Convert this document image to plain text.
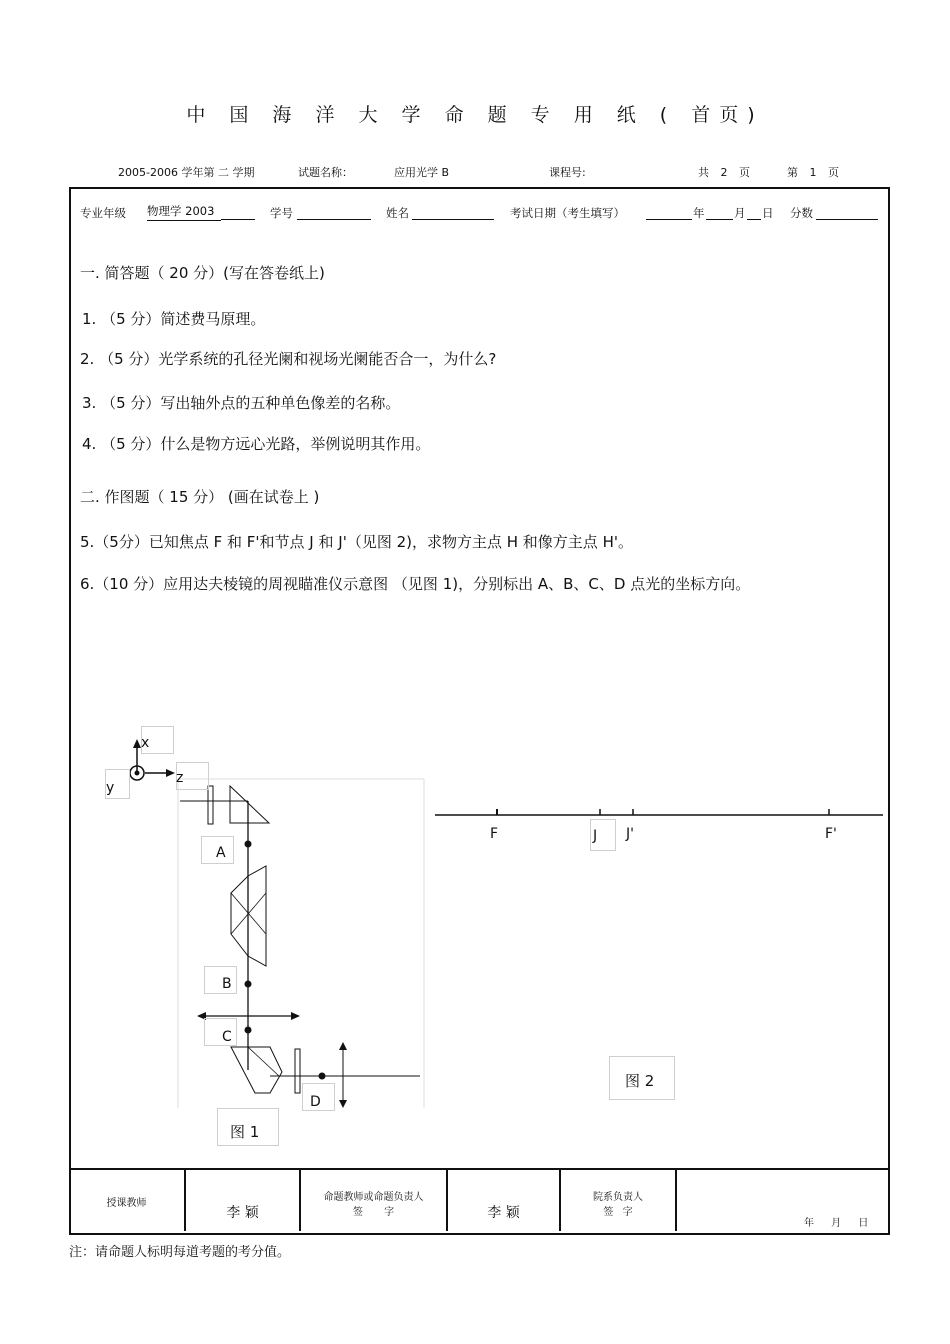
中 国 海 洋 大 学 命 题 专 用 纸 ( 首页)
2005-2006 学年第 二 学期	试题名称：	应用光学 B	课程号:	共 2 页	第 1 页
专业年级 物理学 2003	学号	姓名	考试日期（考生填写）	年	月 日 分数
一. 简答题（ 20 分）(写在答卷纸上)
1. （5 分）简述费马原理。
2. （5 分）光学系统的孔径光阑和视场光阑能否合一，为什么?
3. （5 分）写出轴外点的五种单色像差的名称。
4. （5 分）什么是物方远心光路，举例说明其作用。
二. 作图题（ 15 分） (画在试卷上 )
5.（5分）已知焦点 F 和 F'和节点 J 和 J'（见图 2)，求物方主点 H 和像方主点 H'。
6.（10 分）应用达夫棱镜的周视瞄准仪示意图 （见图 1)，分别标出 A、B、C、D 点光的坐标方向。
x
y
z
A
B
C
D
图 1
F	J J'	F'
图 2
授课教师
李 颖
命题教师或命题负责人
签 字	李 颖
院系负责人
签 字
年 月 日
注：请命题人标明每道考题的考分值。
